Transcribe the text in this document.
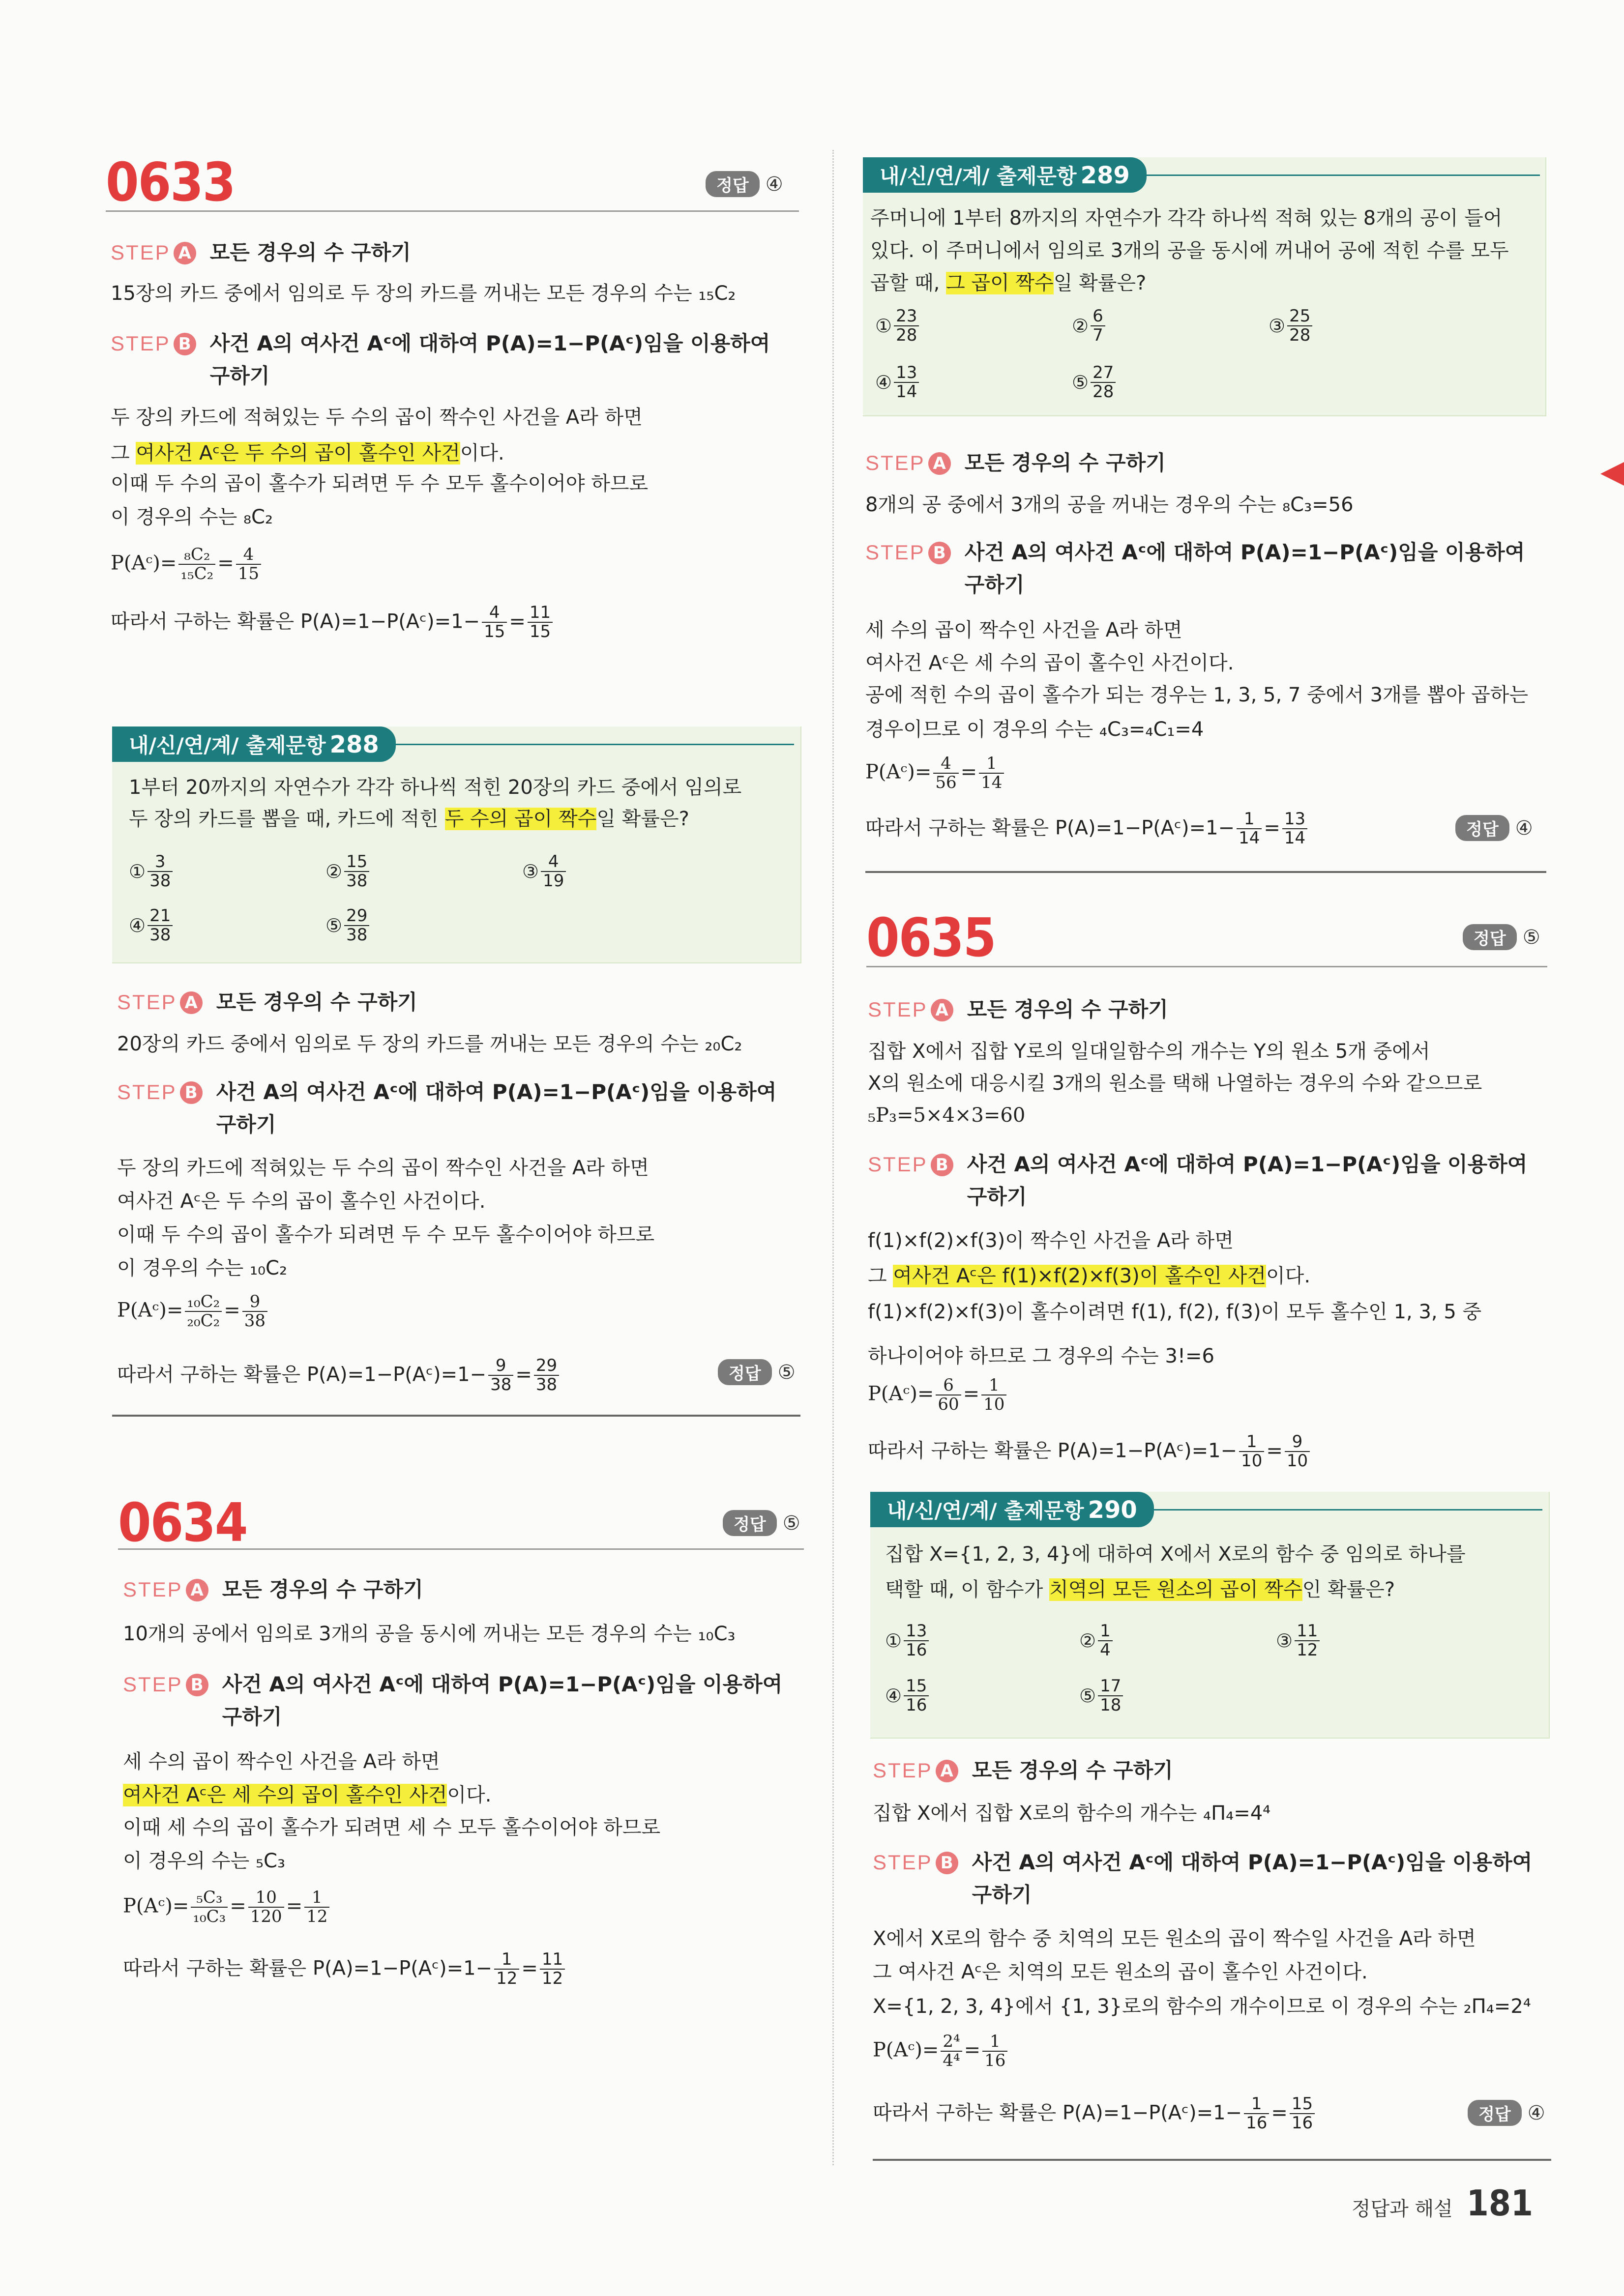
0633	정답 ④
STEP A 모든 경우의 수 구하기
15장의 카드 중에서 임의로 두 장의 카드를 꺼내는 모든 경우의 수는 ₁₅C₂
STEP B 사건 A의 여사건 Aᶜ에 대하여 P(A)=1−P(Aᶜ)임을 이용하여
구하기
두 장의 카드에 적혀있는 두 수의 곱이 짝수인 사건을 A라 하면
그 여사건 Aᶜ은 두 수의 곱이 홀수인 사건이다.
이때 두 수의 곱이 홀수가 되려면 두 수 모두 홀수이어야 하므로
이 경우의 수는 ₈C₂
P(Aᶜ)= $\frac{\text{₈C₂}}{\text{₁₅C₂}} = \frac{4}{15}$
따라서 구하는 확률은 P(A)=1−P(Aᶜ)=1− $\frac{4}{15} = \frac{11}{15}$
내/신/연/계/ 출제문항 288
1부터 20까지의 자연수가 각각 하나씩 적힌 20장의 카드 중에서 임의로
두 장의 카드를 뽑을 때, 카드에 적힌 두 수의 곱이 짝수일 확률은?
① $\frac{3}{38}$	② $\frac{15}{38}$	③ $\frac{4}{19}$
④ $\frac{21}{38}$	⑤ $\frac{29}{38}$
STEP A 모든 경우의 수 구하기
20장의 카드 중에서 임의로 두 장의 카드를 꺼내는 모든 경우의 수는 ₂₀C₂
STEP B 사건 A의 여사건 Aᶜ에 대하여 P(A)=1−P(Aᶜ)임을 이용하여
구하기
두 장의 카드에 적혀있는 두 수의 곱이 짝수인 사건을 A라 하면
여사건 Aᶜ은 두 수의 곱이 홀수인 사건이다.
이때 두 수의 곱이 홀수가 되려면 두 수 모두 홀수이어야 하므로
이 경우의 수는 ₁₀C₂
P(Aᶜ)= $\frac{\text{₁₀C₂}}{\text{₂₀C₂}} = \frac{9}{38}$
따라서 구하는 확률은 P(A)=1−P(Aᶜ)=1− $\frac{9}{38} = \frac{29}{38}$	정답 ⑤
0634	정답 ⑤
STEP A 모든 경우의 수 구하기
10개의 공에서 임의로 3개의 공을 동시에 꺼내는 모든 경우의 수는 ₁₀C₃
STEP B 사건 A의 여사건 Aᶜ에 대하여 P(A)=1−P(Aᶜ)임을 이용하여
구하기
세 수의 곱이 짝수인 사건을 A라 하면
여사건 Aᶜ은 세 수의 곱이 홀수인 사건이다.
이때 세 수의 곱이 홀수가 되려면 세 수 모두 홀수이어야 하므로
이 경우의 수는 ₅C₃
P(Aᶜ)= $\frac{\text{₅C₃}}{\text{₁₀C₃}} = \frac{10}{120} = \frac{1}{12}$
따라서 구하는 확률은 P(A)=1−P(Aᶜ)=1− $\frac{1}{12} = \frac{11}{12}$
내/신/연/계/ 출제문항 289
주머니에 1부터 8까지의 자연수가 각각 하나씩 적혀 있는 8개의 공이 들어
있다. 이 주머니에서 임의로 3개의 공을 동시에 꺼내어 공에 적힌 수를 모두
곱할 때, 그 곱이 짝수일 확률은?
① $\frac{23}{28}$	② $\frac{6}{7}$	③ $\frac{25}{28}$
④ $\frac{13}{14}$	⑤ $\frac{27}{28}$
STEP A 모든 경우의 수 구하기
8개의 공 중에서 3개의 공을 꺼내는 경우의 수는 ₈C₃=56
STEP B 사건 A의 여사건 Aᶜ에 대하여 P(A)=1−P(Aᶜ)임을 이용하여
구하기
세 수의 곱이 짝수인 사건을 A라 하면
여사건 Aᶜ은 세 수의 곱이 홀수인 사건이다.
공에 적힌 수의 곱이 홀수가 되는 경우는 1, 3, 5, 7 중에서 3개를 뽑아 곱하는
경우이므로 이 경우의 수는 ₄C₃=₄C₁=4
P(Aᶜ)= $\frac{4}{56} = \frac{1}{14}$
따라서 구하는 확률은 P(A)=1−P(Aᶜ)=1− $\frac{1}{14} = \frac{13}{14}$	정답 ④
0635	정답 ⑤
STEP A 모든 경우의 수 구하기
집합 X에서 집합 Y로의 일대일함수의 개수는 Y의 원소 5개 중에서
X의 원소에 대응시킬 3개의 원소를 택해 나열하는 경우의 수와 같으므로
₅P₃=5×4×3=60
STEP B 사건 A의 여사건 Aᶜ에 대하여 P(A)=1−P(Aᶜ)임을 이용하여
구하기
f(1)×f(2)×f(3)이 짝수인 사건을 A라 하면
그 여사건 Aᶜ은 f(1)×f(2)×f(3)이 홀수인 사건이다.
f(1)×f(2)×f(3)이 홀수이려면 f(1), f(2), f(3)이 모두 홀수인 1, 3, 5 중
하나이어야 하므로 그 경우의 수는 3!=6
P(Aᶜ)= $\frac{6}{60} = \frac{1}{10}$
따라서 구하는 확률은 P(A)=1−P(Aᶜ)=1− $\frac{1}{10} = \frac{9}{10}$
내/신/연/계/ 출제문항 290
집합 X={1, 2, 3, 4}에 대하여 X에서 X로의 함수 중 임의로 하나를
택할 때, 이 함수가 치역의 모든 원소의 곱이 짝수인 확률은?
① $\frac{13}{16}$	② $\frac{1}{4}$	③ $\frac{11}{12}$
④ $\frac{15}{16}$	⑤ $\frac{17}{18}$
STEP A 모든 경우의 수 구하기
집합 X에서 집합 X로의 함수의 개수는 ₄Π₄=4⁴
STEP B 사건 A의 여사건 Aᶜ에 대하여 P(A)=1−P(Aᶜ)임을 이용하여
구하기
X에서 X로의 함수 중 치역의 모든 원소의 곱이 짝수일 사건을 A라 하면
그 여사건 Aᶜ은 치역의 모든 원소의 곱이 홀수인 사건이다.
X={1, 2, 3, 4}에서 {1, 3}로의 함수의 개수이므로 이 경우의 수는 ₂Π₄=2⁴
P(Aᶜ)= $\frac{\text{2⁴}}{\text{4⁴}} = \frac{1}{16}$
따라서 구하는 확률은 P(A)=1−P(Aᶜ)=1− $\frac{1}{16} = \frac{15}{16}$	정답 ④
정답과 해설 181
